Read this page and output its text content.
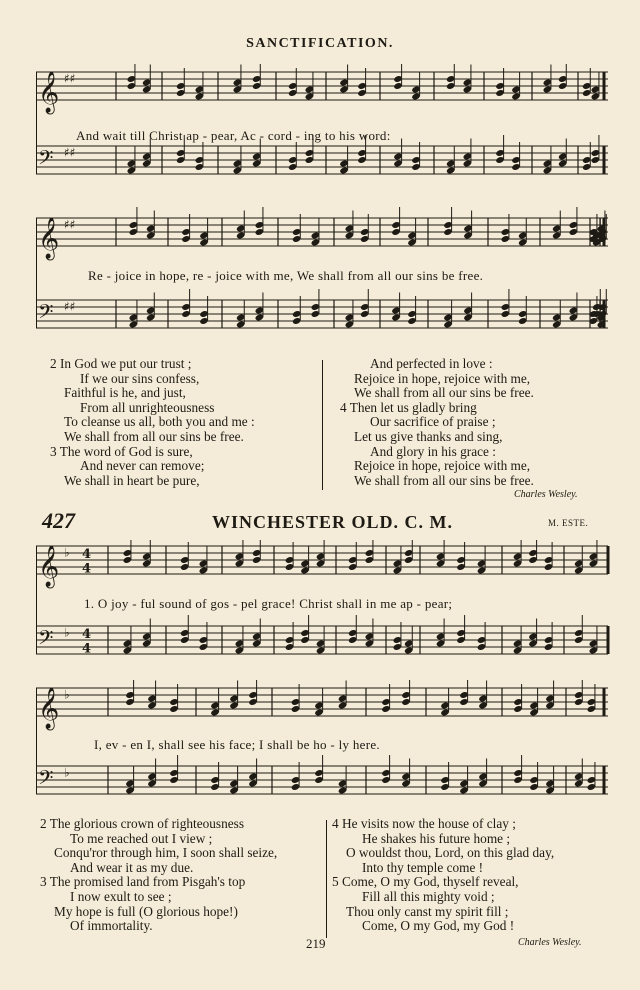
SANCTIFICATION.
𝄞 ♯♯
𝄢 ♯♯
And wait till Christ ap - pear, Ac - cord - ing to his word:
𝄞 ♯♯
𝄢 ♯♯
Re - joice in hope, re - joice with me, We shall from all our sins be free.
𝄞 ♭ 4
4
𝄢 ♭ 4
4
1. O joy - ful sound of gos - pel grace! Christ shall in me ap - pear;
𝄞 ♭
𝄢 ♭
I, ev - en I, shall see his face; I shall be ho - ly here.
2 In God we put our trust ;
If we our sins confess,
Faithful is he, and just,
From all unrighteousness
To cleanse us all, both you and me :
We shall from all our sins be free.
3 The word of God is sure,
And never can remove;
We shall in heart be pure,
And perfected in love :
Rejoice in hope, rejoice with me,
We shall from all our sins be free.
4 Then let us gladly bring
Our sacrifice of praise ;
Let us give thanks and sing,
And glory in his grace :
Rejoice in hope, rejoice with me,
We shall from all our sins be free.
Charles Wesley.
427	WINCHESTER OLD. C. M.	M. ESTE.
2 The glorious crown of righteousness
To me reached out I view ;
Conqu'ror through him, I soon shall seize,
And wear it as my due.
3 The promised land from Pisgah's top
I now exult to see ;
My hope is full (O glorious hope!)
Of immortality.
4 He visits now the house of clay ;
He shakes his future home ;
O wouldst thou, Lord, on this glad day,
Into thy temple come !
5 Come, O my God, thyself reveal,
Fill all this mighty void ;
Thou only canst my spirit fill ;
Come, O my God, my God !
219	Charles Wesley.
